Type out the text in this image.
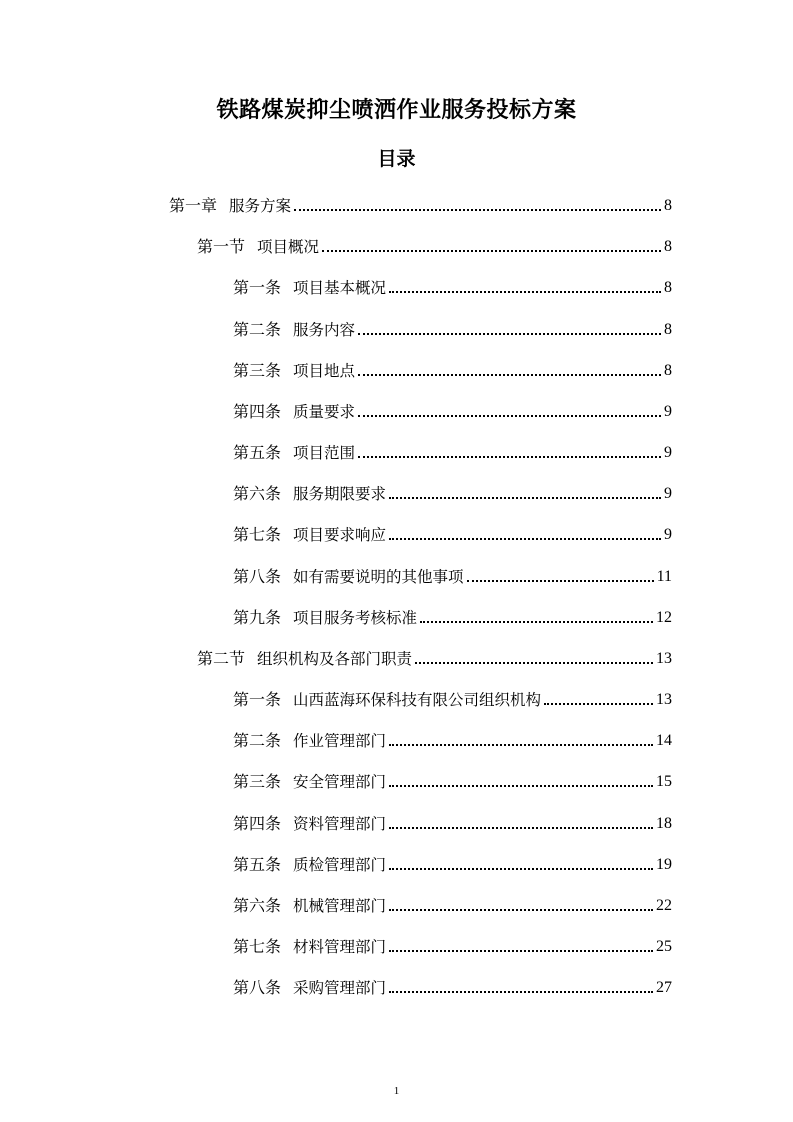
铁路煤炭抑尘喷洒作业服务投标方案
目录
第一章 服务方案	8
第一节 项目概况	8
第一条 项目基本概况	8
第二条 服务内容	8
第三条 项目地点	8
第四条 质量要求	9
第五条 项目范围	9
第六条 服务期限要求	9
第七条 项目要求响应	9
第八条 如有需要说明的其他事项	11
第九条 项目服务考核标准	12
第二节 组织机构及各部门职责	13
第一条 山西蓝海环保科技有限公司组织机构	13
第二条 作业管理部门	14
第三条 安全管理部门	15
第四条 资料管理部门	18
第五条 质检管理部门	19
第六条 机械管理部门	22
第七条 材料管理部门	25
第八条 采购管理部门	27
1
